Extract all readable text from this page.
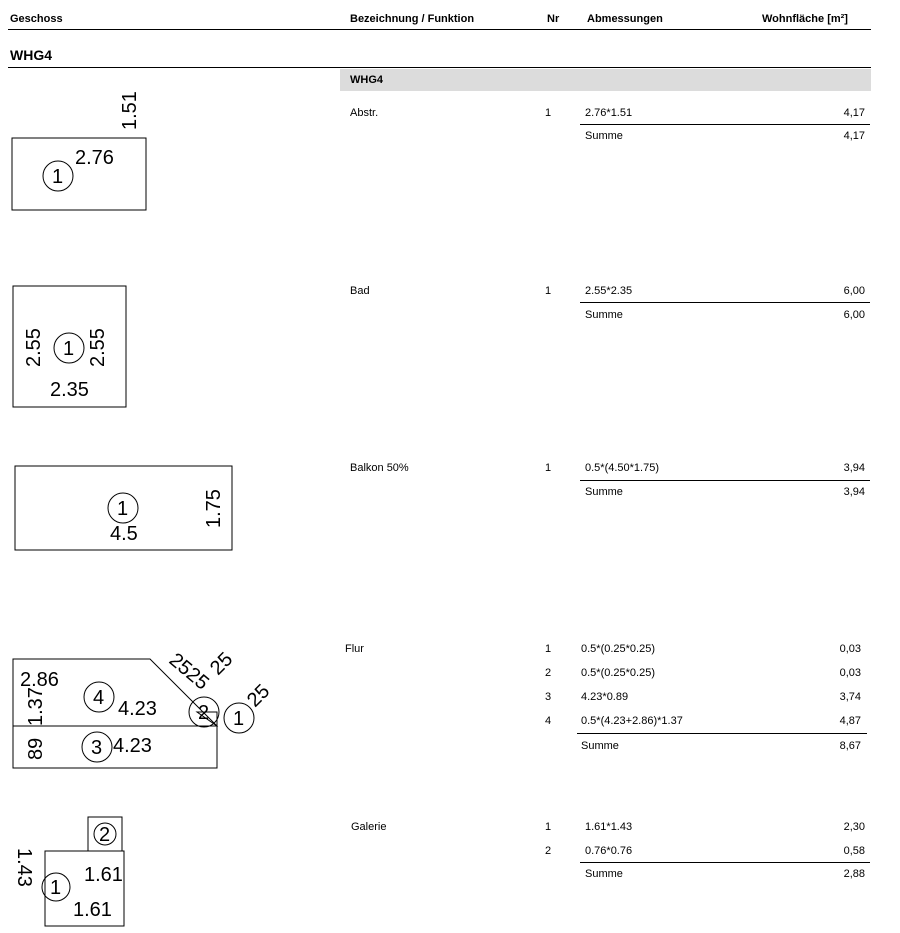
Geschoss	Bezeichnung / Funktion	Nr	Abmessungen	Wohnfläche [m²]
WHG4
WHG4
Abstr.	1	2.76*1.51	4,17
Summe	4,17
Bad	1	2.55*2.35	6,00
Summe	6,00
Balkon 50%	1	0.5*(4.50*1.75)	3,94
Summe	3,94
Flur	1	0.5*(0.25*0.25)	0,03
2	0.5*(0.25*0.25)	0,03
3	4.23*0.89	3,74
4	0.5*(4.23+2.86)*1.37	4,87
Summe	8,67
Galerie	1	1.61*1.43	2,30
2	0.76*0.76	0,58
Summe	2,88
1
2.76
1.51
1
2.55 2.55
2.35
1
4.5
1.75
4
3
2 1
2.86
4.23
4.23
1.37
89
2525
25
25
2
1
1.61
1.61
1.43
